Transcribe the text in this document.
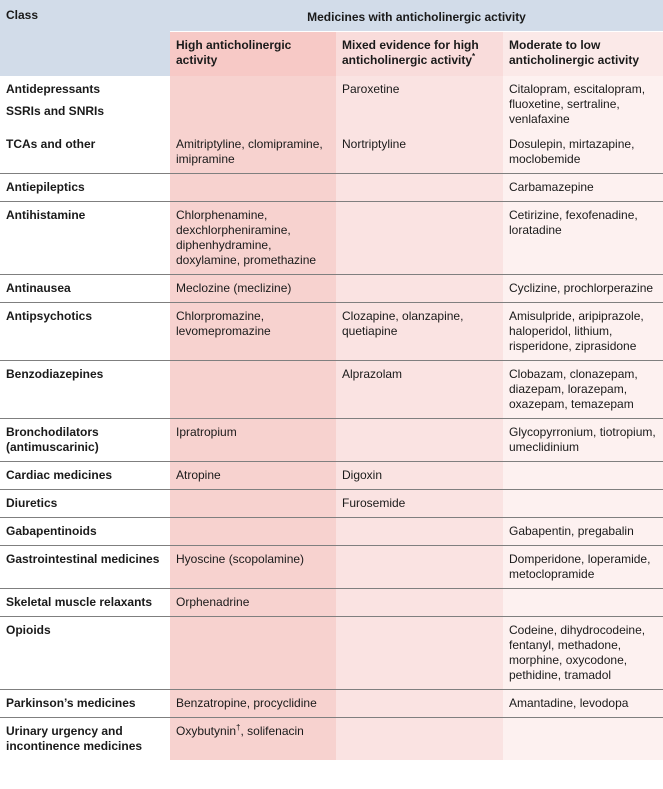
Class	Medicines with anticholinergic activity		
	High anticholinergic activity	Mixed evidence for high anticholinergic activity*	Moderate to low anticholinergic activity
Antidepressants
SSRIs and SNRIs		Paroxetine	Citalopram, escitalopram, fluoxetine, sertraline, venlafaxine
TCAs and other	Amitriptyline, clomipramine, imipramine	Nortriptyline	Dosulepin, mirtazapine, moclobemide
Antiepileptics			Carbamazepine
Antihistamine	Chlorphenamine, dexchlorpheniramine, diphenhydramine, doxylamine, promethazine		Cetirizine, fexofenadine, loratadine
Antinausea	Meclozine (meclizine)		Cyclizine, prochlorperazine
Antipsychotics	Chlorpromazine, levomepromazine	Clozapine, olanzapine, quetiapine	Amisulpride, aripiprazole, haloperidol, lithium, risperidone, ziprasidone
Benzodiazepines		Alprazolam	Clobazam, clonazepam, diazepam, lorazepam, oxazepam, temazepam
Bronchodilators (antimuscarinic)	Ipratropium		Glycopyrronium, tiotropium, umeclidinium
Cardiac medicines	Atropine	Digoxin	
Diuretics		Furosemide	
Gabapentinoids			Gabapentin, pregabalin
Gastrointestinal medicines	Hyoscine (scopolamine)		Domperidone, loperamide, metoclopramide
Skeletal muscle relaxants	Orphenadrine		
Opioids			Codeine, dihydrocodeine, fentanyl, methadone, morphine, oxycodone, pethidine, tramadol
Parkinson’s medicines	Benzatropine, procyclidine		Amantadine, levodopa
Urinary urgency and incontinence medicines	Oxybutynin†, solifenacin		
